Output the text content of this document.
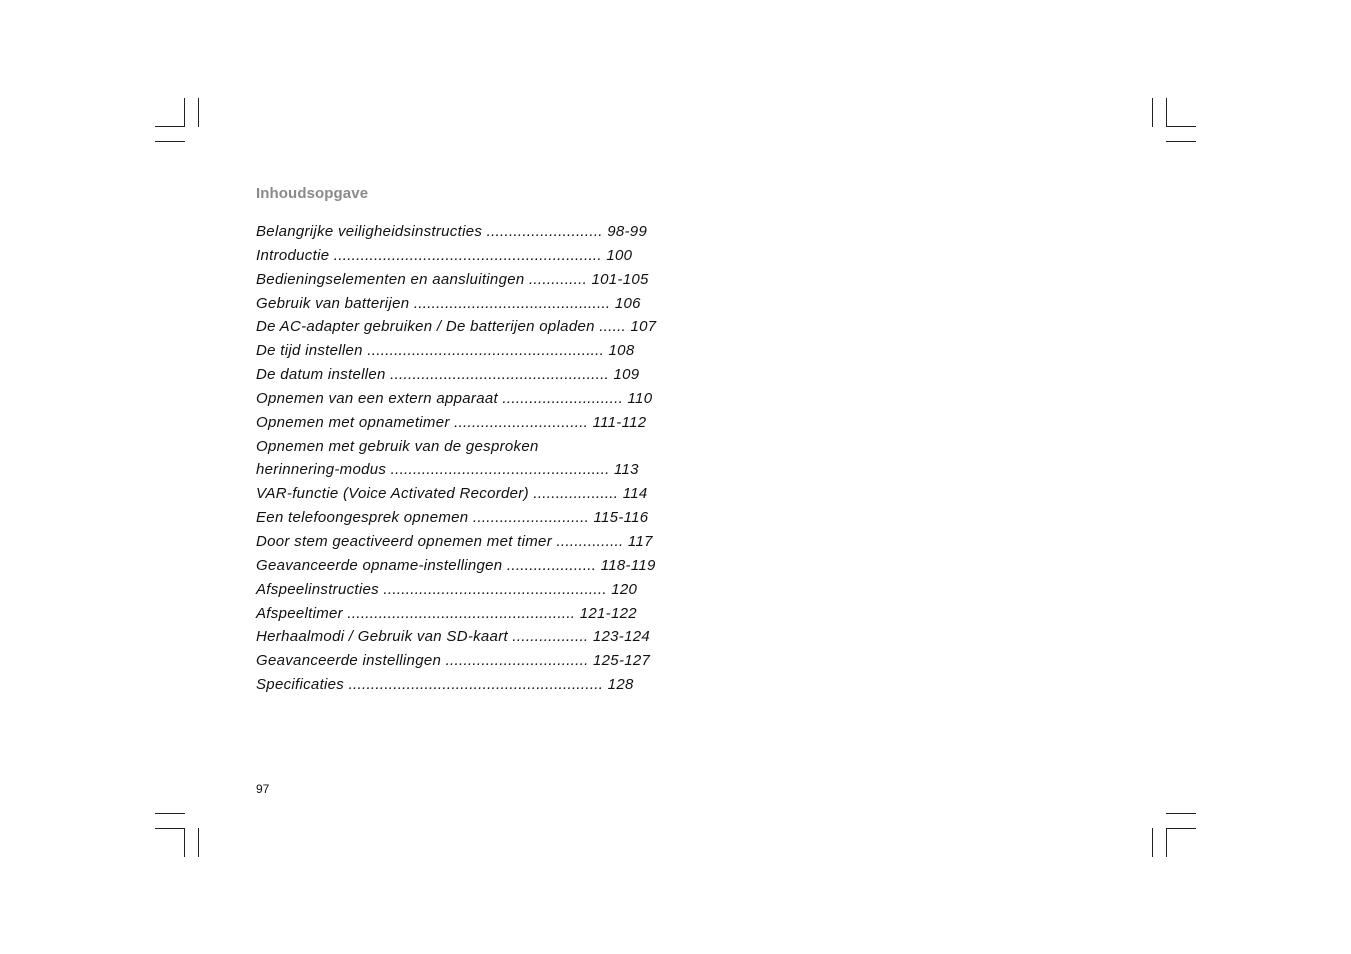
Inhoudsopgave
Belangrijke veiligheidsinstructies .......................... 98-99
Introductie ............................................................ 100
Bedieningselementen en aansluitingen ............. 101-105
Gebruik van batterijen ............................................ 106
De AC-adapter gebruiken / De batterijen opladen ...... 107
De tijd instellen ..................................................... 108
De datum instellen ................................................. 109
Opnemen van een extern apparaat ........................... 110
Opnemen met opnametimer .............................. 111-112
Opnemen met gebruik van de gesproken
herinnering-modus ................................................. 113
VAR-functie (Voice Activated Recorder) ................... 114
Een telefoongesprek opnemen .......................... 115-116
Door stem geactiveerd opnemen met timer ............... 117
Geavanceerde opname-instellingen .................... 118-119
Afspeelinstructies .................................................. 120
Afspeeltimer ................................................... 121-122
Herhaalmodi / Gebruik van SD-kaart ................. 123-124
Geavanceerde instellingen ................................ 125-127
Specificaties ......................................................... 128
97
